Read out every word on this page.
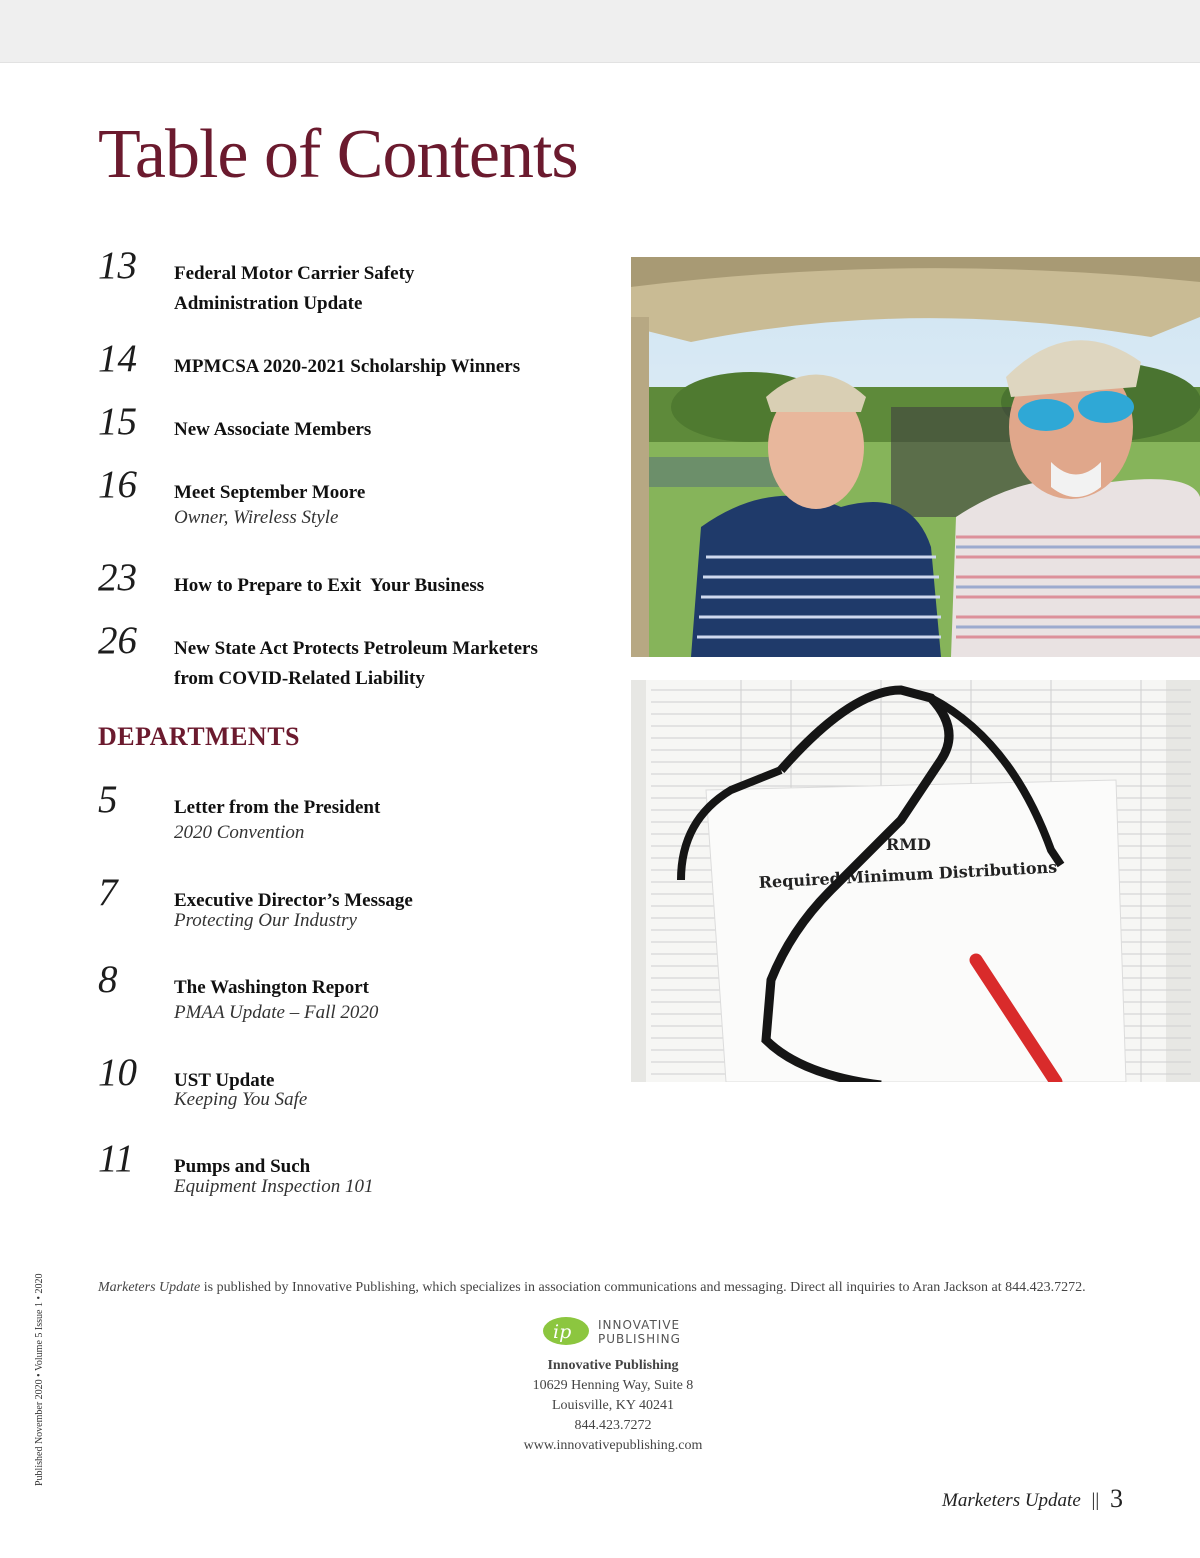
Table of Contents
13 Federal Motor Carrier Safety Administration Update
14 MPMCSA 2020-2021 Scholarship Winners
15 New Associate Members
16 Meet September Moore
Owner, Wireless Style
23 How to Prepare to Exit  Your Business
26 New State Act Protects Petroleum Marketers from COVID-Related Liability
DEPARTMENTS
5	Letter from the President
2020 Convention
7	Executive Director’s Message
Protecting Our Industry
8	The Washington Report
PMAA Update – Fall 2020
10 UST Update
Keeping You Safe
11 Pumps and Such
Equipment Inspection 101
RMD
Required Minimum Distributions
Marketers Update is published by Innovative Publishing, which specializes in association communications and messaging. Direct all inquiries to Aran Jackson at 844.423.7272.
ip INNOVATIVE
PUBLISHING
Innovative Publishing
10629 Henning Way, Suite 8
Louisville, KY 40241
844.423.7272
www.innovativepublishing.com
Published November 2020 • Volume 5 Issue 1 • 2020
Marketers Update || 3
